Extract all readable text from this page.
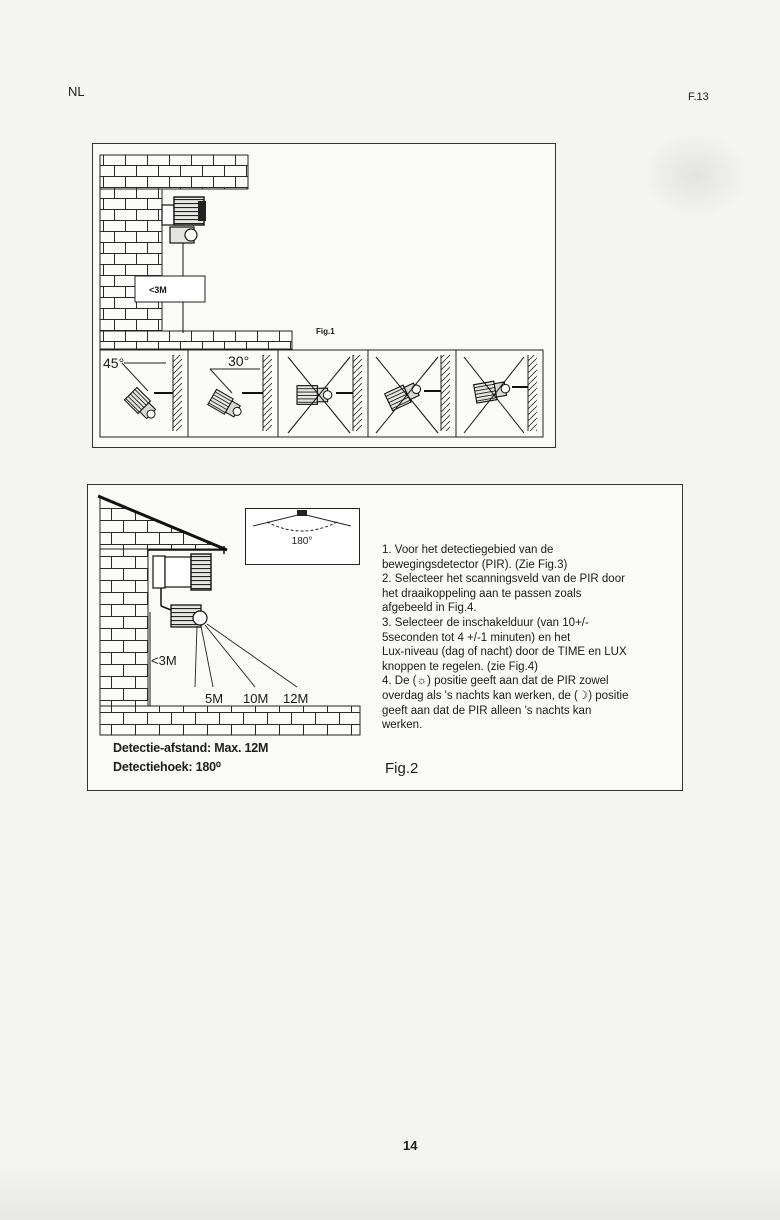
NL	F.13
<3M
Fig.1
45°	30°
180°
<3M
5M 10M 12M
1. Voor het detectiegebied van de
bewegingsdetector (PIR). (Zie Fig.3)
2. Selecteer het scanningsveld van de PIR door
het draaikoppeling aan te passen zoals
afgebeeld in Fig.4.
3. Selecteer de inschakelduur (van 10+/-
5seconden tot 4 +/-1 minuten) en het
Lux-niveau (dag of nacht) door de TIME en LUX
knoppen te regelen. (zie Fig.4)
4. De (☼) positie geeft aan dat de PIR zowel
overdag als 's nachts kan werken, de (☽) positie
geeft aan dat de PIR alleen 's nachts kan
werken.
Detectie-afstand: Max. 12M
Detectiehoek: 180⁰	Fig.2
14
